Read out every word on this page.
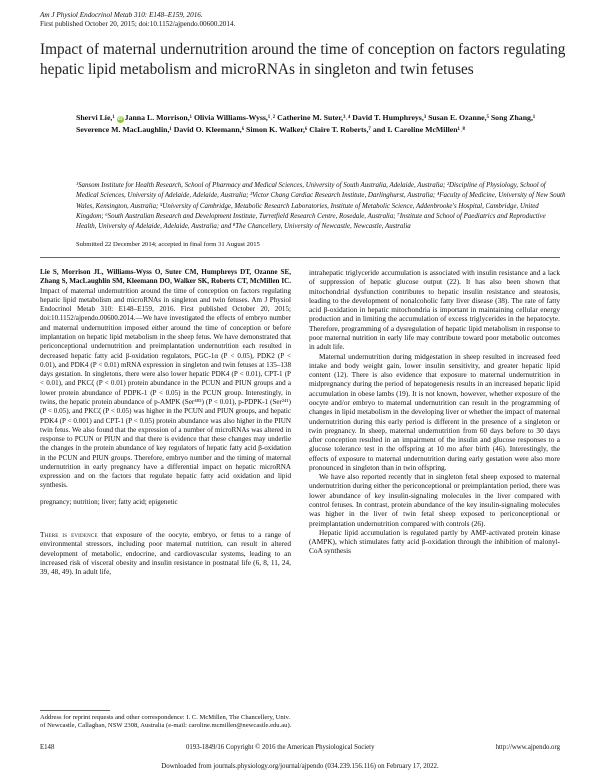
Am J Physiol Endocrinol Metab 310: E148–E159, 2016.
First published October 20, 2015; doi:10.1152/ajpendo.00600.2014.
Impact of maternal undernutrition around the time of conception on factors regulating hepatic lipid metabolism and microRNAs in singleton and twin fetuses
Shervi Lie,¹ iD Janna L. Morrison,¹ Olivia Williams-Wyss,¹˒² Catherine M. Suter,³˒⁴ David T. Humphreys,³ Susan E. Ozanne,⁵ Song Zhang,¹ Severence M. MacLaughlin,¹ David O. Kleemann,⁶ Simon K. Walker,⁶ Claire T. Roberts,⁷ and I. Caroline McMillen¹˒⁸
¹Sansom Institute for Health Research, School of Pharmacy and Medical Sciences, University of South Australia, Adelaide, Australia; ²Discipline of Physiology, School of Medical Sciences, University of Adelaide, Adelaide, Australia; ³Victor Chang Cardiac Research Institute, Darlinghurst, Australia; ⁴Faculty of Medicine, University of New South Wales, Kensington, Australia; ⁵University of Cambridge, Metabolic Research Laboratories, Institute of Metabolic Science, Addenbrooke's Hospital, Cambridge, United Kingdom; ⁶South Australian Research and Development Institute, Turretfield Research Centre, Rosedale, Australia; ⁷Institute and School of Paediatrics and Reproductive Health, University of Adelaide, Adelaide, Australia; and ⁸The Chancellery, University of Newcastle, Newcastle, Australia
Submitted 22 December 2014; accepted in final form 31 August 2015
Lie S, Morrison JL, Williams-Wyss O, Suter CM, Humphreys DT, Ozanne SE, Zhang S, MacLaughlin SM, Kleemann DO, Walker SK, Roberts CT, McMillen IC. Impact of maternal undernutrition around the time of conception on factors regulating hepatic lipid metabolism and microRNAs in singleton and twin fetuses. Am J Physiol Endocrinol Metab 310: E148–E159, 2016. First published October 20, 2015; doi:10.1152/ajpendo.00600.2014.—We have investigated the effects of embryo number and maternal undernutrition imposed either around the time of conception or before implantation on hepatic lipid metabolism in the sheep fetus. We have demonstrated that periconceptional undernutrition and preimplantation undernutrition each resulted in decreased hepatic fatty acid β-oxidation regulators, PGC-1α (P < 0.05), PDK2 (P < 0.01), and PDK4 (P < 0.01) mRNA expression in singleton and twin fetuses at 135–138 days gestation. In singletons, there were also lower hepatic PDK4 (P < 0.01), CPT-1 (P < 0.01), and PKCζ (P < 0.01) protein abundance in the PCUN and PIUN groups and a lower protein abundance of PDPK-1 (P < 0.05) in the PCUN group. Interestingly, in twins, the hepatic protein abundance of p-AMPK (Ser⁴⁸⁵) (P < 0.01), p-PDPK-1 (Ser²⁴¹) (P < 0.05), and PKCζ (P < 0.05) was higher in the PCUN and PIUN groups, and hepatic PDK4 (P < 0.001) and CPT-1 (P < 0.05) protein abundance was also higher in the PIUN twin fetus. We also found that the expression of a number of microRNAs was altered in response to PCUN or PIUN and that there is evidence that these changes may underlie the changes in the protein abundance of key regulators of hepatic fatty acid β-oxidation in the PCUN and PIUN groups. Therefore, embryo number and the timing of maternal undernutrition in early pregnancy have a differential impact on hepatic microRNA expression and on the factors that regulate hepatic fatty acid oxidation and lipid synthesis.
pregnancy; nutrition; liver; fatty acid; epigenetic
There is evidence that exposure of the oocyte, embryo, or fetus to a range of environmental stressors, including poor maternal nutrition, can result in altered development of metabolic, endocrine, and cardiovascular systems, leading to an increased risk of visceral obesity and insulin resistance in postnatal life (6, 8, 11, 24, 39, 48, 49). In adult life,
intrahepatic triglyceride accumulation is associated with insulin resistance and a lack of suppression of hepatic glucose output (22). It has also been shown that mitochondrial dysfunction contributes to hepatic insulin resistance and steatosis, leading to the development of nonalcoholic fatty liver disease (38). The rate of fatty acid β-oxidation in hepatic mitochondria is important in maintaining cellular energy production and in limiting the accumulation of excess triglycerides in the hepatocyte. Therefore, programming of a dysregulation of hepatic lipid metabolism in response to poor maternal nutrition in early life may contribute toward poor metabolic outcomes in adult life.
Maternal undernutrition during midgestation in sheep resulted in increased feed intake and body weight gain, lower insulin sensitivity, and greater hepatic lipid content (12). There is also evidence that exposure to maternal undernutrition in midpregnancy during the period of hepatogenesis results in an increased hepatic lipid accumulation in obese lambs (19). It is not known, however, whether exposure of the oocyte and/or embryo to maternal undernutrition can result in the programming of changes in lipid metabolism in the developing liver or whether the impact of maternal undernutrition during this early period is different in the presence of a singleton or twin pregnancy. In sheep, maternal undernutrition from 60 days before to 30 days after conception resulted in an impairment of the insulin and glucose responses to a glucose tolerance test in the offspring at 10 mo after birth (46). Interestingly, the effects of exposure to maternal undernutrition during early gestation were also more pronounced in singleton than in twin offspring.
We have also reported recently that in singleton fetal sheep exposed to maternal undernutrition during either the periconceptional or preimplantation period, there was lower abundance of key insulin-signaling molecules in the liver compared with control fetuses. In contrast, protein abundance of the key insulin-signaling molecules was higher in the liver of twin fetal sheep exposed to periconceptional or preimplantation undernutrition compared with controls (26).
Hepatic lipid accumulation is regulated partly by AMP-activated protein kinase (AMPK), which stimulates fatty acid β-oxidation through the inhibition of malonyl-CoA synthesis
Address for reprint requests and other correspondence: I. C. McMillen, The Chancellery, Univ. of Newcastle, Callaghan, NSW 2308, Australia (e-mail: caroline.mcmillen@newcastle.edu.au).
E148	0193-1849/16 Copyright © 2016 the American Physiological Society	http://www.ajpendo.org
Downloaded from journals.physiology.org/journal/ajpendo (034.239.156.116) on February 17, 2022.
